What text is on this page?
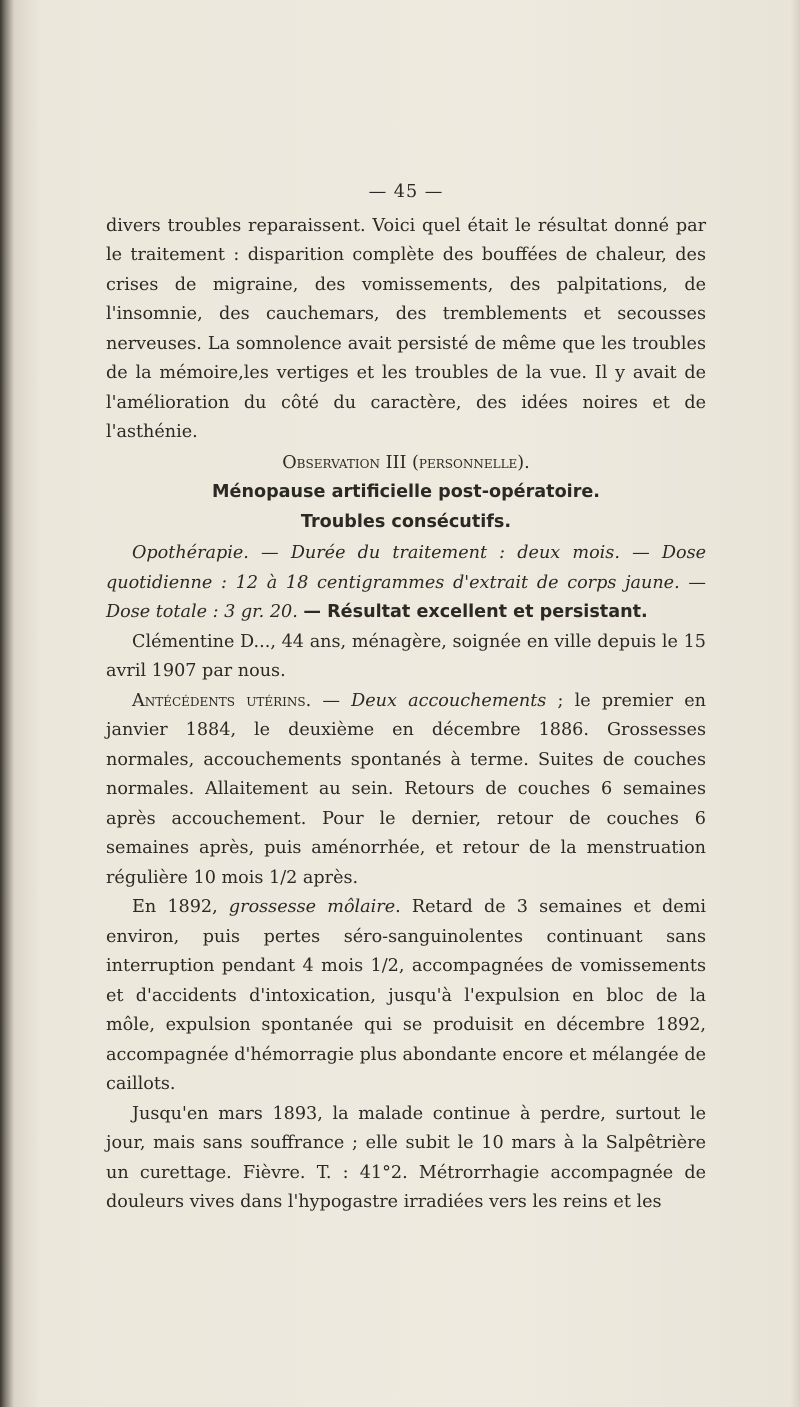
— 45 —

divers troubles reparaissent. Voici quel était le résultat donné par le traitement : disparition complète des bouffées de chaleur, des crises de migraine, des vomissements, des palpitations, de l'insomnie, des cauchemars, des tremblements et secousses nerveuses. La somnolence avait persisté de même que les troubles de la mémoire,les vertiges et les troubles de la vue. Il y avait de l'amélioration du côté du caractère, des idées noires et de l'asthénie.

Observation III (personnelle).

Ménopause artificielle post-opératoire.

Troubles consécutifs.

Opothérapie. — Durée du traitement : deux mois. — Dose quotidienne : 12 à 18 centigrammes d'extrait de corps jaune. — Dose totale : 3 gr. 20. — Résultat excellent et persistant.

Clémentine D..., 44 ans, ménagère, soignée en ville depuis le 15 avril 1907 par nous.

Antécédents utérins. — Deux accouchements ; le premier en janvier 1884, le deuxième en décembre 1886. Grossesses normales, accouchements spontanés à terme. Suites de couches normales. Allaitement au sein. Retours de couches 6 semaines après accouchement. Pour le dernier, retour de couches 6 semaines après, puis aménorrhée, et retour de la menstruation régulière 10 mois 1/2 après.

En 1892, grossesse môlaire. Retard de 3 semaines et demi environ, puis pertes séro-sanguinolentes continuant sans interruption pendant 4 mois 1/2, accompagnées de vomissements et d'accidents d'intoxication, jusqu'à l'expulsion en bloc de la môle, expulsion spontanée qui se produisit en décembre 1892, accompagnée d'hémorragie plus abondante encore et mélangée de caillots.

Jusqu'en mars 1893, la malade continue à perdre, surtout le jour, mais sans souffrance ; elle subit le 10 mars à la Salpêtrière un curettage. Fièvre. T. : 41°2. Métrorrhagie accompagnée de douleurs vives dans l'hypogastre irradiées vers les reins et les
